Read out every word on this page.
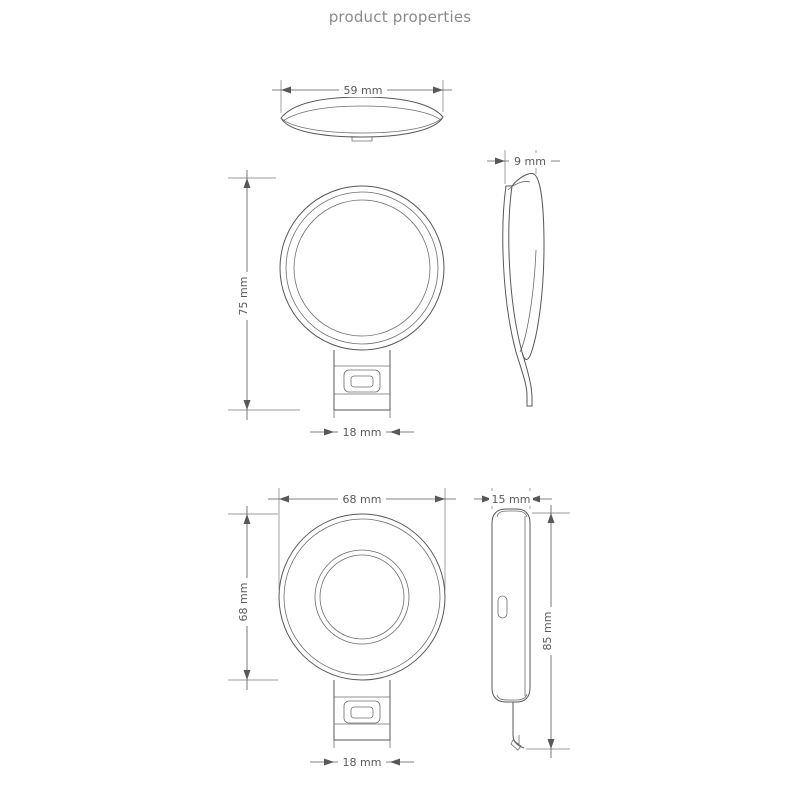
product properties
59 mm
75 mm
18 mm
9 mm
68 mm
68 mm
18 mm
15 mm
85 mm
